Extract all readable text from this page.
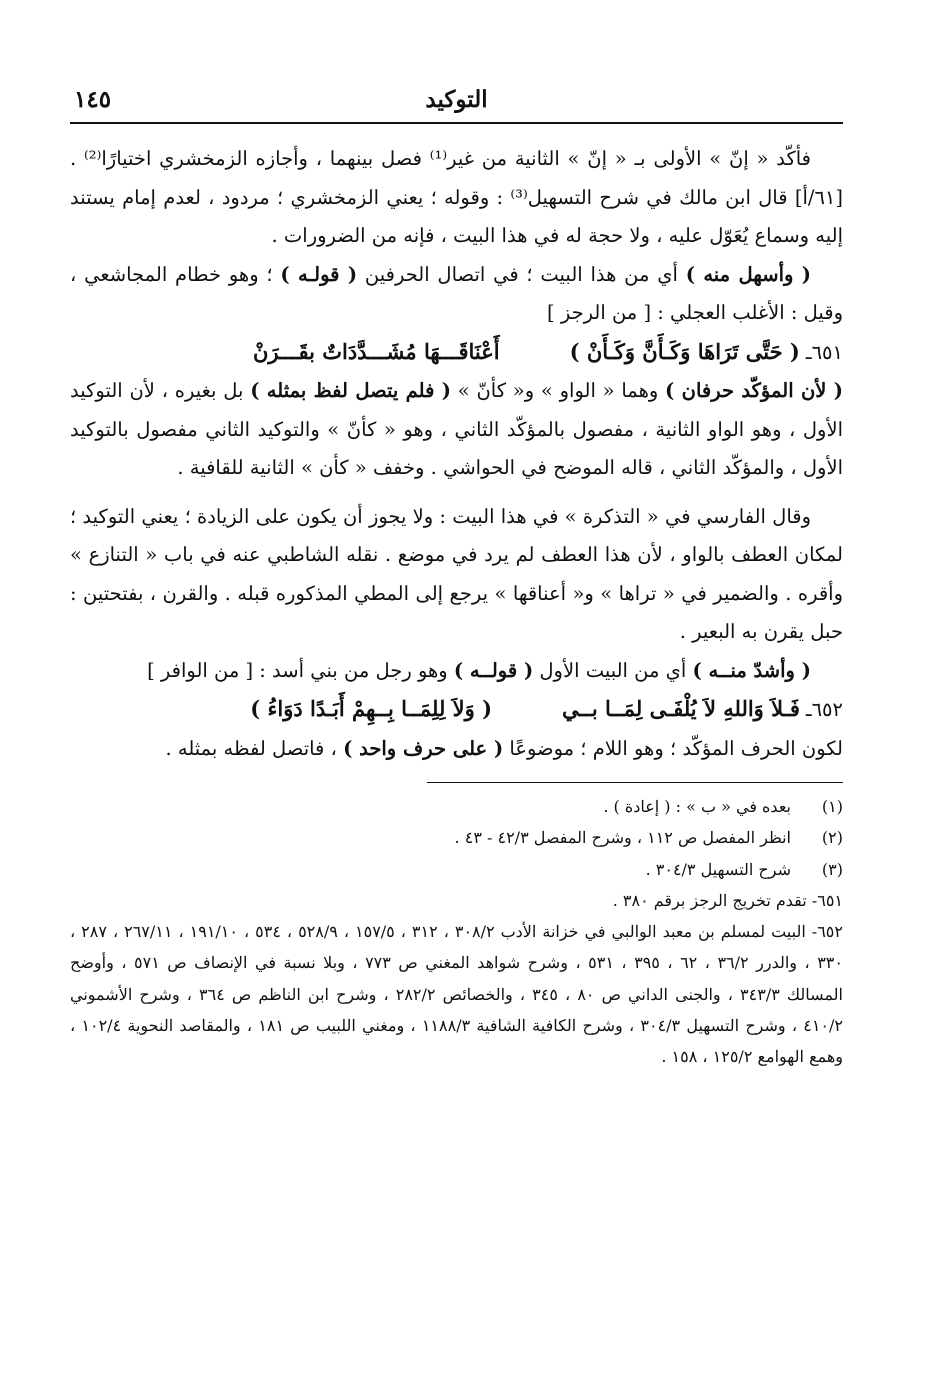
التوكيد
١٤٥
فأكّد « إنّ » الأولى بـ « إنّ » الثانية من غير⁽¹⁾ فصل بينهما ، وأجازه الزمخشري اختيارًا⁽²⁾ . [٦١/أ] قال ابن مالك في شرح التسهيل⁽³⁾ : وقوله ؛ يعني الزمخشري ؛ مردود ، لعدم إمام يستند إليه وسماع يُعَوّل عليه ، ولا حجة له في هذا البيت ، فإنه من الضرورات .
( وأسهل منه ) أي من هذا البيت ؛ في اتصال الحرفين ( قولـه ) ؛ وهو خطام المجاشعي ، وقيل : الأغلب العجلي : [ من الرجز ]
٦٥١ـ
( حَتَّى تَرَاهَا وَكَـأَنَّ وَكَـأَنْ )
أَعْنَاقَـــهَا مُشَـــدَّدَاتٌ بقَـــرَنْ
( لأن المؤكّد حرفان ) وهما « الواو » و« كأنّ » ( فلم يتصل لفظ بمثله ) بل بغيره ، لأن التوكيد الأول ، وهو الواو الثانية ، مفصول بالمؤكّد الثاني ، وهو « كأنّ » والتوكيد الثاني مفصول بالتوكيد الأول ، والمؤكّد الثاني ، قاله الموضح في الحواشي . وخفف « كأن » الثانية للقافية .
وقال الفارسي في « التذكرة » في هذا البيت : ولا يجوز أن يكون على الزيادة ؛ يعني التوكيد ؛ لمكان العطف بالواو ، لأن هذا العطف لم يرد في موضع . نقله الشاطبي عنه في باب « التنازع » وأقره . والضمير في « تراها » و« أعناقها » يرجع إلى المطي المذكوره قبله . والقرن ، بفتحتين : حبل يقرن به البعير .
( وأشدّ منــه ) أي من البيت الأول ( قولــه ) وهو رجل من بني أسد : [ من الوافر ]
٦٥٢ـ
فَـلاَ وَاللهِ لاَ يُلْفَـى لِمَــا بــي
( وَلاَ لِلِمَــا بِــهِمْ أَبَـدًا دَوَاءُ )
لكون الحرف المؤكّد ؛ وهو اللام ؛ موضوعًا ( على حرف واحد ) ، فاتصل لفظه بمثله .
(١)
بعده في « ب » : ( إعادة ) .
(٢)
انظر المفصل ص ١١٢ ، وشرح المفصل ٤٢/٣ - ٤٣ .
(٣)
شرح التسهيل ٣٠٤/٣ .
٦٥١- تقدم تخريج الرجز برقم ٣٨٠ .
٦٥٢- البيت لمسلم بن معبد الوالبي في خزانة الأدب ٣٠٨/٢ ، ٣١٢ ، ١٥٧/٥ ، ٥٢٨/٩ ، ٥٣٤ ، ١٩١/١٠ ، ٢٦٧/١١ ، ٢٨٧ ، ٣٣٠ ، والدرر ٣٦/٢ ، ٦٢ ، ٣٩٥ ، ٥٣١ ، وشرح شواهد المغني ص ٧٧٣ ، وبلا نسبة في الإنصاف ص ٥٧١ ، وأوضح المسالك ٣٤٣/٣ ، والجنى الداني ص ٨٠ ، ٣٤٥ ، والخصائص ٢٨٢/٢ ، وشرح ابن الناظم ص ٣٦٤ ، وشرح الأشموني ٤١٠/٢ ، وشرح التسهيل ٣٠٤/٣ ، وشرح الكافية الشافية ١١٨٨/٣ ، ومغني اللبيب ص ١٨١ ، والمقاصد النحوية ١٠٢/٤ ، وهمع الهوامع ١٢٥/٢ ، ١٥٨ .
